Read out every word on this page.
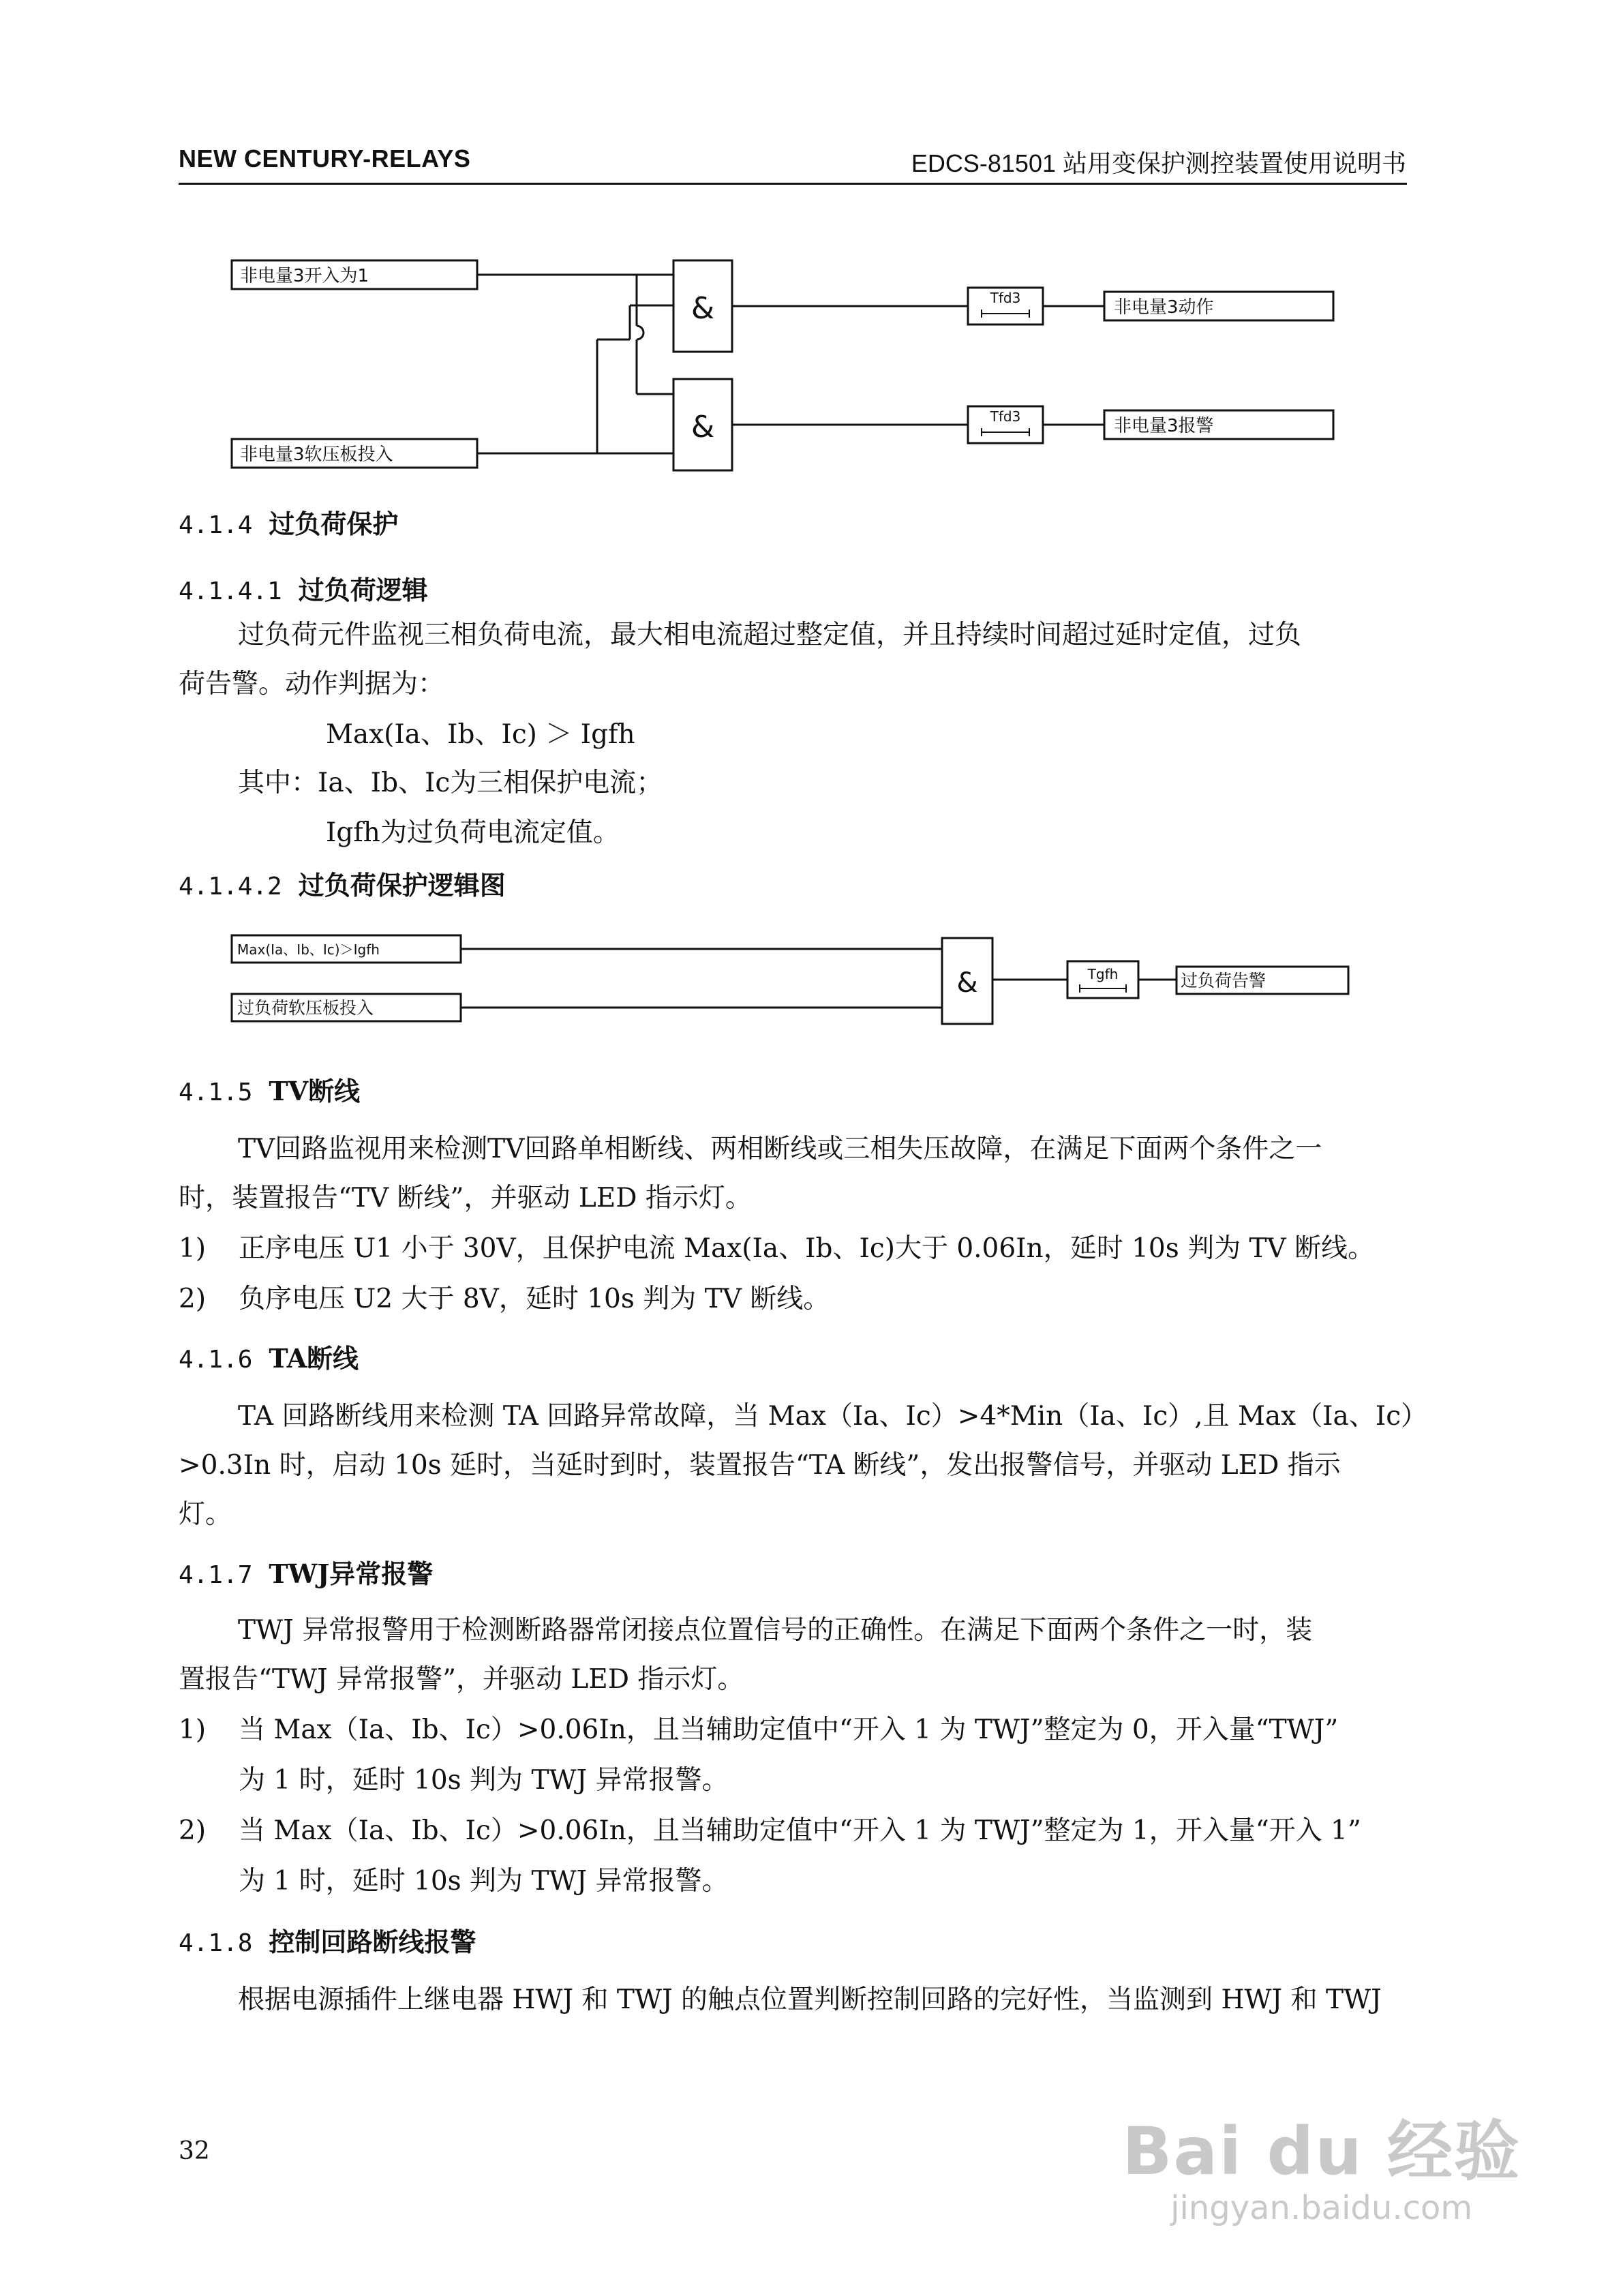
NEW CENTURY-RELAYS	EDCS-81501 站用变保护测控装置使用说明书
非电量3开入为1
非电量3软压板投入
&
&
Tfd3
Tfd3
非电量3动作
非电量3报警
Max(Ia、Ib、Ic)＞Igfh
过负荷软压板投入
&	Tgfh	过负荷告警
4.1.4 过负荷保护
4.1.4.1 过负荷逻辑
过负荷元件监视三相负荷电流，最大相电流超过整定值，并且持续时间超过延时定值，过负
荷告警。动作判据为：
Max(Ia、Ib、Ic) ＞ Igfh
其中：Ia、Ib、Ic为三相保护电流；
Igfh为过负荷电流定值。
4.1.4.2 过负荷保护逻辑图
4.1.5 TV断线
TV回路监视用来检测TV回路单相断线、两相断线或三相失压故障，在满足下面两个条件之一
时，装置报告“TV 断线”，并驱动 LED 指示灯。
1) 正序电压 U1 小于 30V，且保护电流 Max(Ia、Ib、Ic)大于 0.06In，延时 10s 判为 TV 断线。
2) 负序电压 U2 大于 8V，延时 10s 判为 TV 断线。
4.1.6 TA断线
TA 回路断线用来检测 TA 回路异常故障，当 Max（Ia、Ic）>4*Min（Ia、Ic）,且 Max（Ia、Ic）
>0.3In 时，启动 10s 延时，当延时到时，装置报告“TA 断线”，发出报警信号，并驱动 LED 指示
灯。
4.1.7 TWJ异常报警
TWJ 异常报警用于检测断路器常闭接点位置信号的正确性。在满足下面两个条件之一时，装
置报告“TWJ 异常报警”，并驱动 LED 指示灯。
1) 当 Max（Ia、Ib、Ic）>0.06In，且当辅助定值中“开入 1 为 TWJ”整定为 0，开入量“TWJ”
为 1 时，延时 10s 判为 TWJ 异常报警。
2) 当 Max（Ia、Ib、Ic）>0.06In，且当辅助定值中“开入 1 为 TWJ”整定为 1，开入量“开入 1”
为 1 时，延时 10s 判为 TWJ 异常报警。
4.1.8 控制回路断线报警
根据电源插件上继电器 HWJ 和 TWJ 的触点位置判断控制回路的完好性，当监测到 HWJ 和 TWJ
32	Bai du 经验
jingyan.baidu.com
